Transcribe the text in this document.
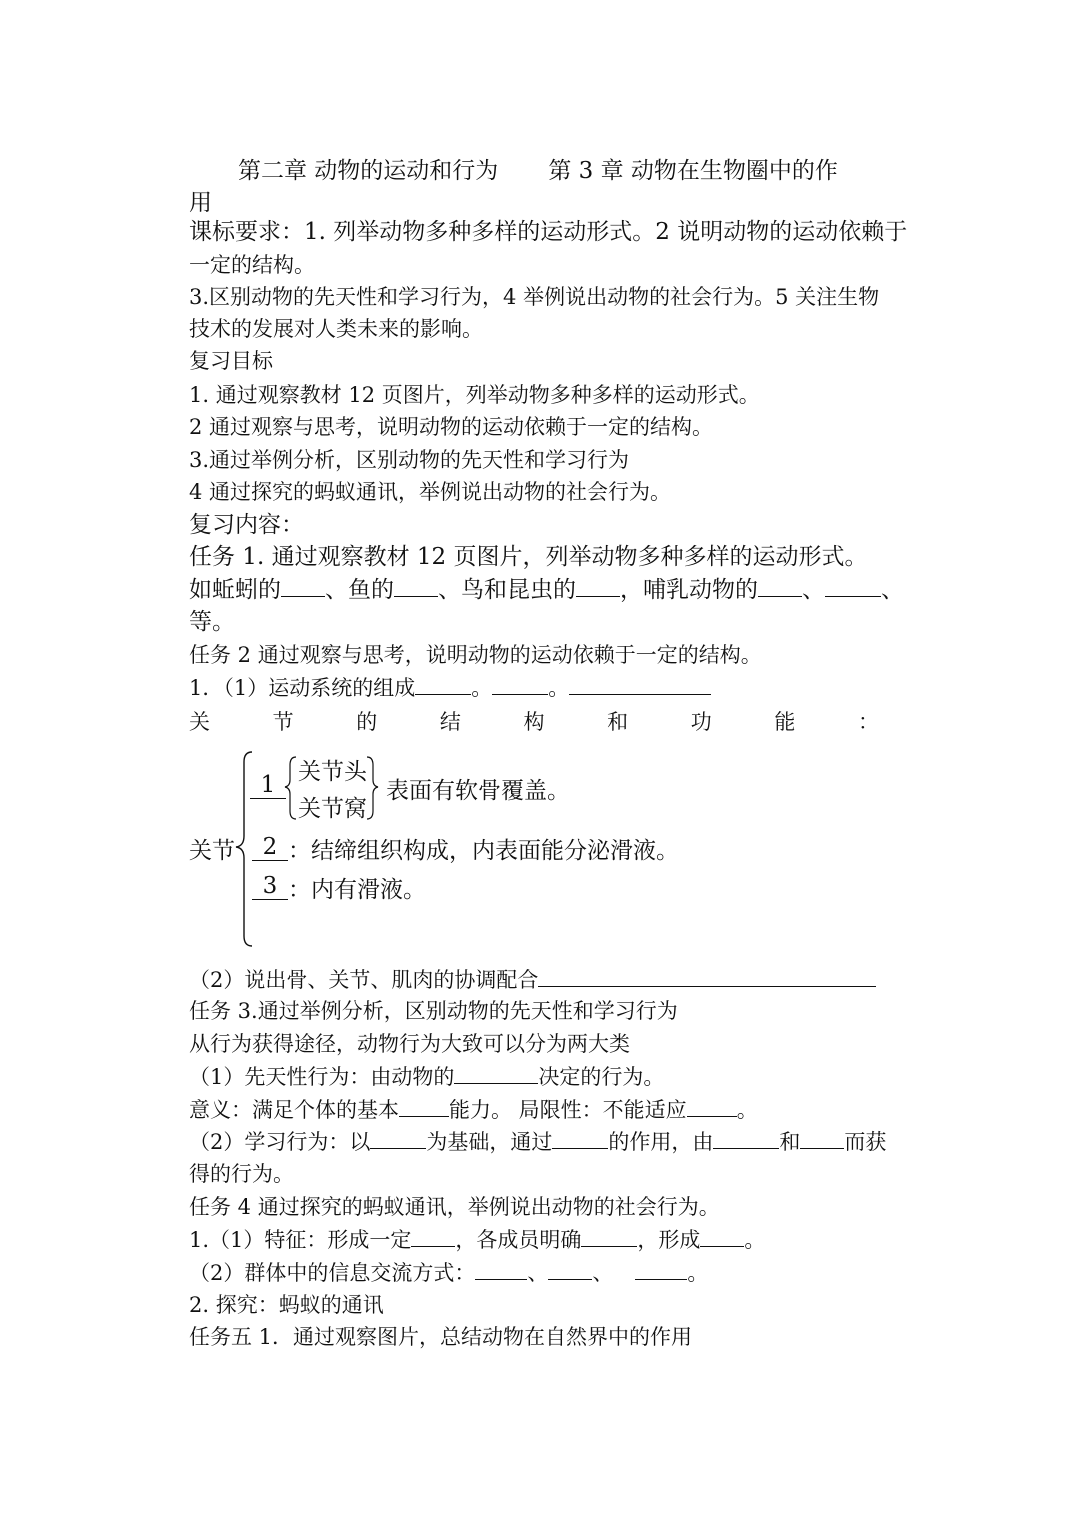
第二章 动物的运动和行为 第 3 章 动物在生物圈中的作
用
课标要求：1. 列举动物多种多样的运动形式。2 说明动物的运动依赖于
一定的结构。
3.区别动物的先天性和学习行为，4 举例说出动物的社会行为。5 关注生物
技术的发展对人类未来的影响。
复习目标
1. 通过观察教材 12 页图片，列举动物多种多样的运动形式。
2 通过观察与思考，说明动物的运动依赖于一定的结构。
3.通过举例分析，区别动物的先天性和学习行为
4 通过探究的蚂蚁通讯，举例说出动物的社会行为。
复习内容：
任务 1. 通过观察教材 12 页图片，列举动物多种多样的运动形式。
如蚯蚓的 、鱼的 、鸟和昆虫的 ，哺乳动物的 、 、
等。
任务 2 通过观察与思考，说明动物的运动依赖于一定的结构。
1．（1）运动系统的组成	。	。
关	节	的	结	构	和	功	能	：
关节
1 关节头
关节窝
表面有软骨覆盖。
2 ：结缔组织构成，内表面能分泌滑液。
3 ：内有滑液。
（2）说出骨、关节、肌肉的协调配合
任务 3.通过举例分析，区别动物的先天性和学习行为
从行为获得途径，动物行为大致可以分为两大类
（1）先天性行为：由动物的	决定的行为。
意义：满足个体的基本 能力。 局限性：不能适应 。
（2）学习行为：以	为基础，通过	的作用，由	和 而获
得的行为。
任务 4 通过探究的蚂蚁通讯，举例说出动物的社会行为。
1.（1）特征：形成一定 ，各成员明确	，形成 。
（2）群体中的信息交流方式： 、 、	。
2. 探究：蚂蚁的通讯
任务五 1．通过观察图片，总结动物在自然界中的作用
